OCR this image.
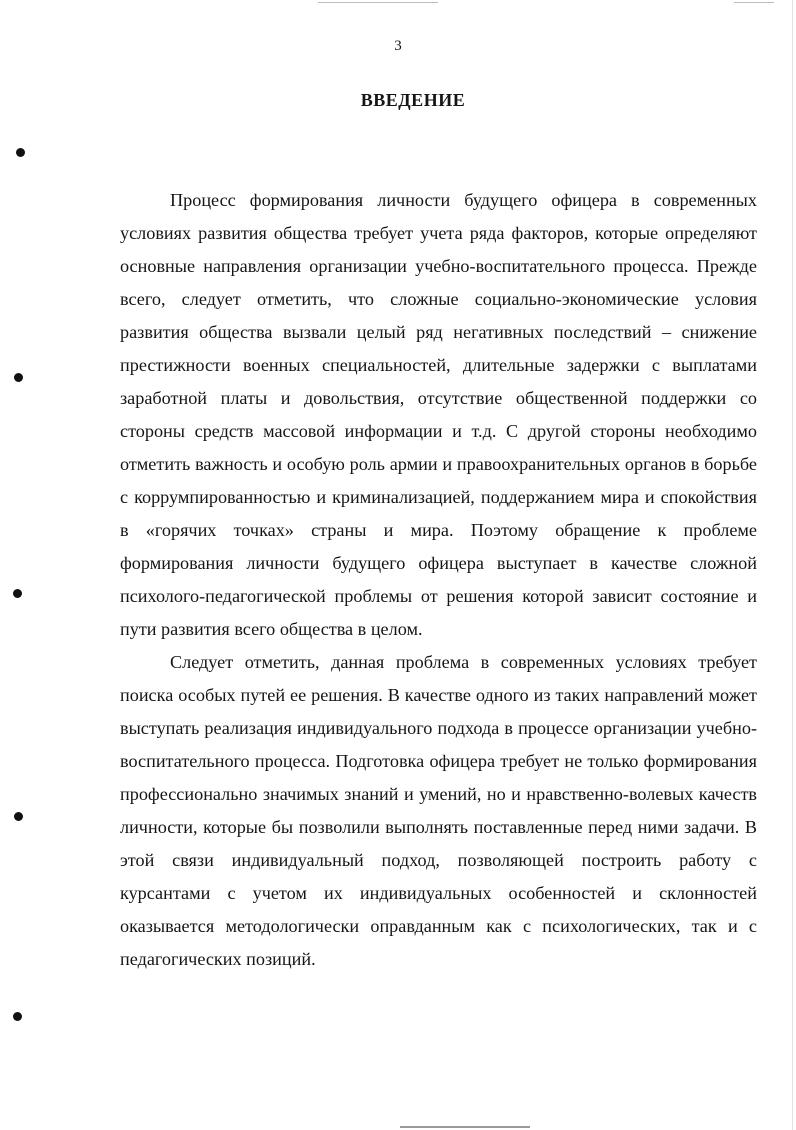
3
ВВЕДЕНИЕ

Процесс формирования личности будущего офицера в современных условиях развития общества требует учета ряда факторов, которые определяют основные направления организации учебно-воспитательного процесса. Прежде всего, следует отметить, что сложные социально-экономические условия развития общества вызвали целый ряд негативных последствий – снижение престижности военных специальностей, длительные задержки с выплатами заработной платы и довольствия, отсутствие общественной поддержки со стороны средств массовой информации и т.д. С другой стороны необходимо отметить важность и особую роль армии и правоохранительных органов в борьбе с коррумпированностью и криминализацией, поддержанием мира и спокойствия в «горячих точках» страны и мира. Поэтому обращение к проблеме формирования личности будущего офицера выступает в качестве сложной психолого-педагогической проблемы от решения которой зависит состояние и пути развития всего общества в целом.

Следует отметить, данная проблема в современных условиях требует поиска особых путей ее решения. В качестве одного из таких направлений может выступать реализация индивидуального подхода в процессе организации учебно-воспитательного процесса. Подготовка офицера требует не только формирования профессионально значимых знаний и умений, но и нравственно-волевых качеств личности, которые бы позволили выполнять поставленные перед ними задачи. В этой связи индивидуальный подход, позволяющей построить работу с курсантами с учетом их индивидуальных особенностей и склонностей оказывается методологически оправданным как с психологических, так и с педагогических позиций.
